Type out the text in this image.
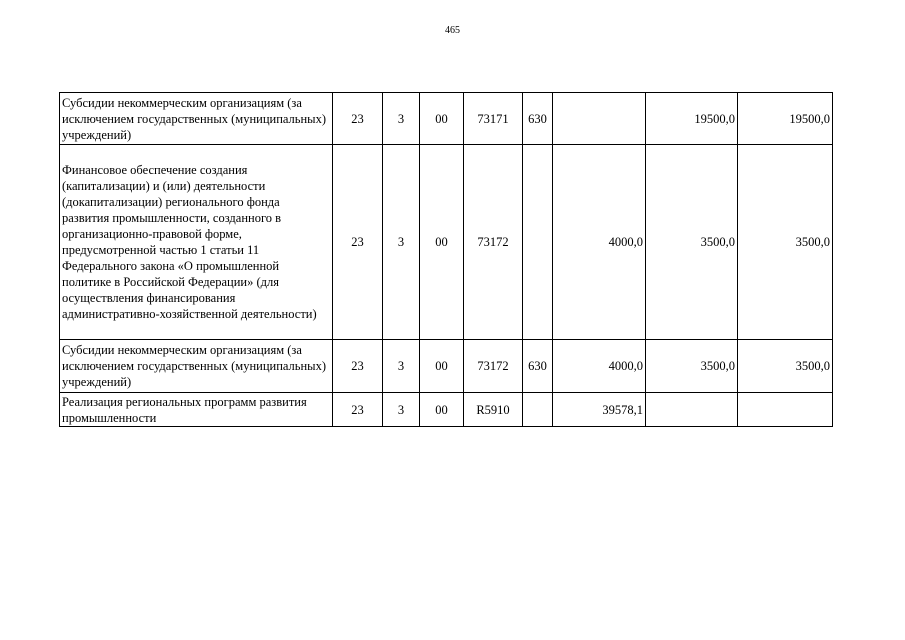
465
Субсидии некоммерческим организациям (за исключением государственных (муниципальных) учреждений)	23	3	00	73171	630		19500,0	19500,0
Финансовое обеспечение создания (капитализации) и (или) деятельности (докапитализации) регионального фонда развития промышленности, созданного в организационно-правовой форме, предусмотренной частью 1 статьи 11 Федерального закона «О промышленной политике в Российской Федерации» (для осуществления финансирования административно-хозяйственной деятельности)	23	3	00	73172		4000,0	3500,0	3500,0
Субсидии некоммерческим организациям (за исключением государственных (муниципальных) учреждений)	23	3	00	73172	630	4000,0	3500,0	3500,0
Реализация региональных программ развития промышленности	23	3	00	R5910		39578,1		
